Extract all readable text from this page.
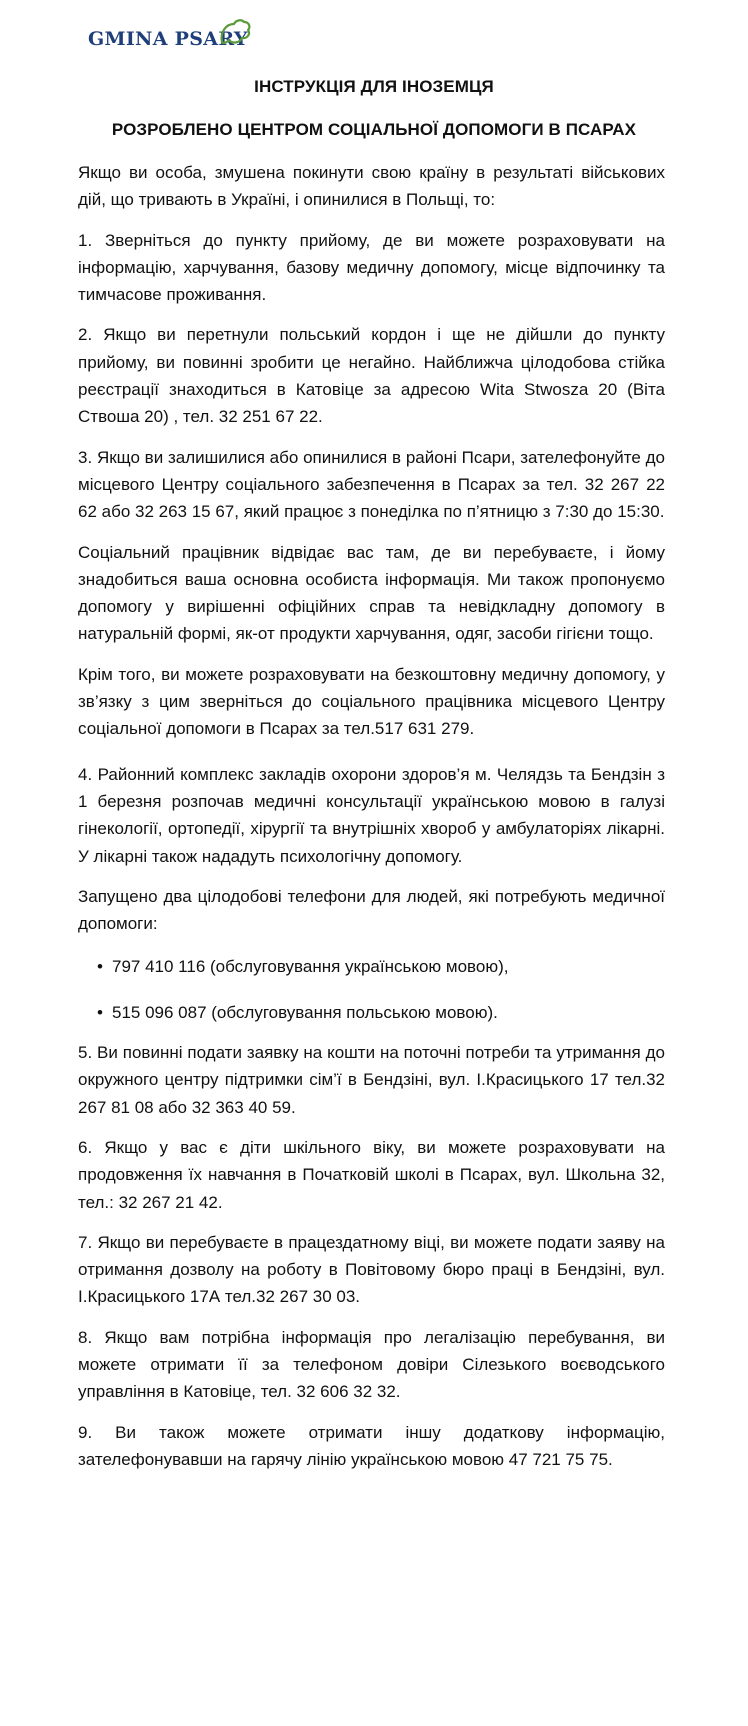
GMINA PSARY
ІНСТРУКЦІЯ ДЛЯ ІНОЗЕМЦЯ
РОЗРОБЛЕНО ЦЕНТРОМ СОЦІАЛЬНОЇ ДОПОМОГИ В ПСАРАХ

Якщо ви особа, змушена покинути свою країну в результаті військових дій, що тривають в Україні, і опинилися в Польщі, то:

1. Зверніться до пункту прийому, де ви можете розраховувати на інформацію, харчування, базову медичну допомогу, місце відпочинку та тимчасове проживання.

2. Якщо ви перетнули польський кордон і ще не дійшли до пункту прийому, ви повинні зробити це негайно. Найближча цілодобова стійка реєстрації знаходиться в Катовіце за адресою Wita Stwosza 20 (Віта Ствоша 20) , тел. 32 251 67 22.

3. Якщо ви залишилися або опинилися в районі Псари, зателефонуйте до місцевого Центру соціального забезпечення в Псарах за тел. 32 267 22 62 або 32 263 15 67, який працює з понеділка по п’ятницю з 7:30 до 15:30.

Соціальний працівник відвідає вас там, де ви перебуваєте, і йому знадобиться ваша основна особиста інформація. Ми також пропонуємо допомогу у вирішенні офіційних справ та невідкладну допомогу в натуральній формі, як-от продукти харчування, одяг, засоби гігієни тощо.

Крім того, ви можете розраховувати на безкоштовну медичну допомогу, у зв’язку з цим зверніться до соціального працівника місцевого Центру соціальної допомоги в Псарах за тел.517 631 279.

4. Районний комплекс закладів охорони здоров’я м. Челядзь та Бендзін з 1 березня розпочав медичні консультації українською мовою в галузі гінекології, ортопедії, хірургії та внутрішніх хвороб у амбулаторіях лікарні. У лікарні також нададуть психологічну допомогу.

Запущено два цілодобові телефони для людей, які потребують медичної допомоги:

• 797 410 116 (обслуговування українською мовою),
• 515 096 087 (обслуговування польською мовою).

5. Ви повинні подати заявку на кошти на поточні потреби та утримання до окружного центру підтримки сім’ї в Бендзіні, вул. І.Красицького 17 тел.32 267 81 08 або 32 363 40 59.

6. Якщо у вас є діти шкільного віку, ви можете розраховувати на продовження їх навчання в Початковій школі в Псарах, вул. Школьна 32, тел.: 32 267 21 42.

7. Якщо ви перебуваєте в працездатному віці, ви можете подати заяву на отримання дозволу на роботу в Повітовому бюро праці в Бендзіні, вул. І.Красицького 17А тел.32 267 30 03.

8. Якщо вам потрібна інформація про легалізацію перебування, ви можете отримати її за телефоном довіри Сілезького воєводського управління в Катовіце, тел. 32 606 32 32.

9. Ви також можете отримати іншу додаткову інформацію, зателефонувавши на гарячу лінію українською мовою 47 721 75 75.
